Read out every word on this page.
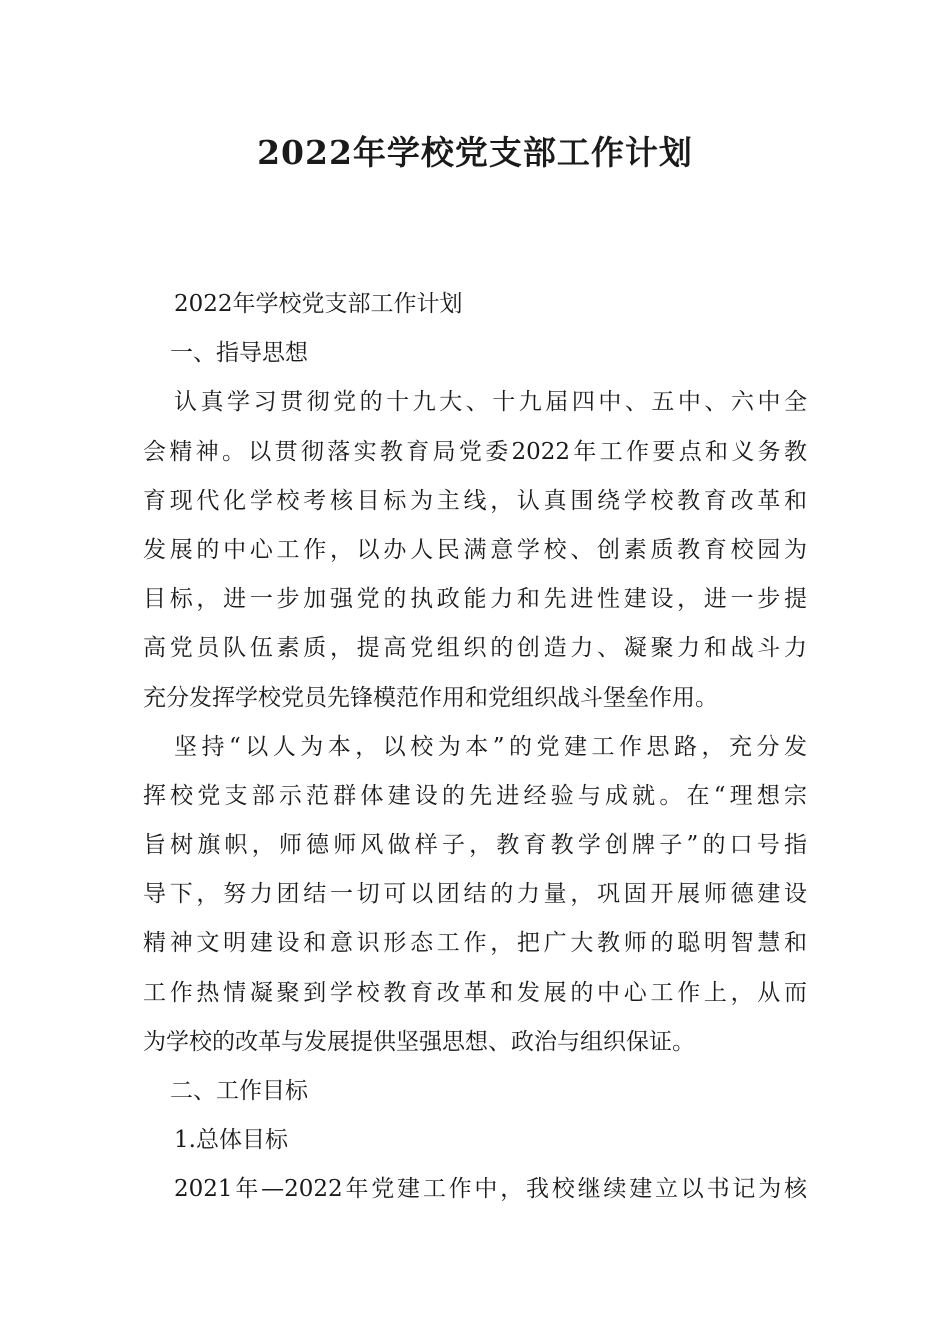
2022年学校党支部工作计划
2022年学校党支部工作计划
一、指导思想
认真学习贯彻党的十九大、十九届四中、五中、六中全
会精神。以贯彻落实教育局党委2022年工作要点和义务教
育现代化学校考核目标为主线，认真围绕学校教育改革和
发展的中心工作，以办人民满意学校、创素质教育校园为
目标，进一步加强党的执政能力和先进性建设，进一步提
高党员队伍素质，提高党组织的创造力、凝聚力和战斗力
充分发挥学校党员先锋模范作用和党组织战斗堡垒作用。
坚持“以人为本，以校为本”的党建工作思路，充分发
挥校党支部示范群体建设的先进经验与成就。在“理想宗
旨树旗帜，师德师风做样子，教育教学创牌子”的口号指
导下，努力团结一切可以团结的力量，巩固开展师德建设
精神文明建设和意识形态工作，把广大教师的聪明智慧和
工作热情凝聚到学校教育改革和发展的中心工作上，从而
为学校的改革与发展提供坚强思想、政治与组织保证。
二、工作目标
1.总体目标
2021年—2022年党建工作中，我校继续建立以书记为核
